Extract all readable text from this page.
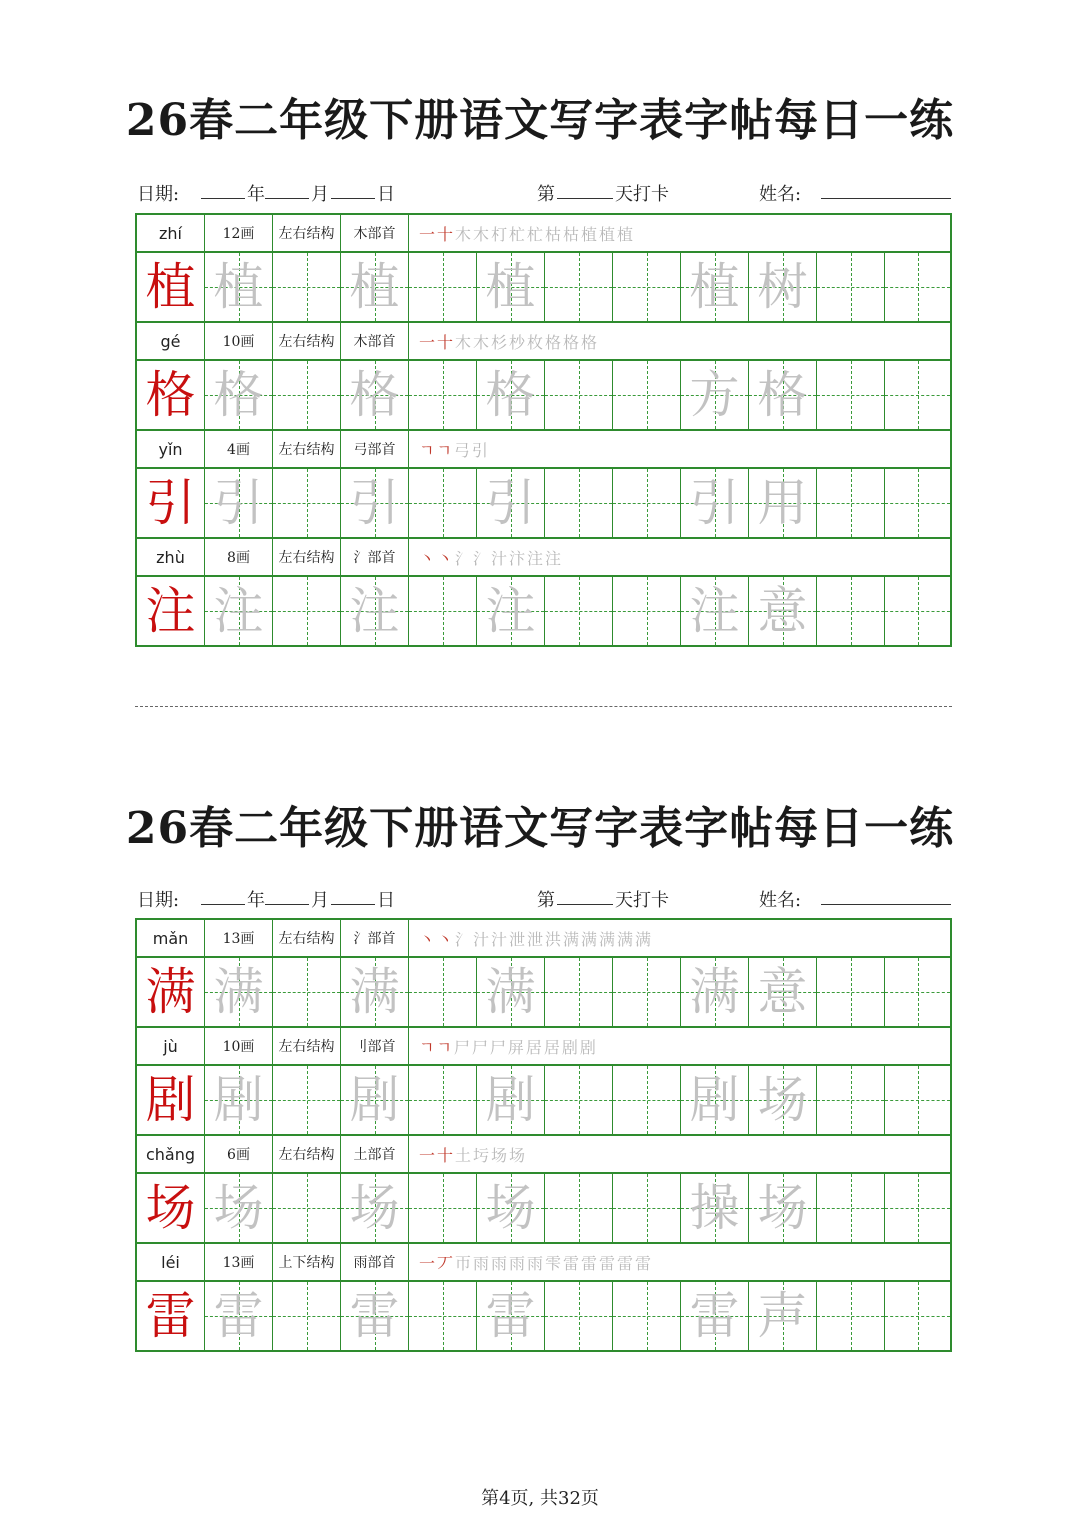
26春二年级下册语文写字表字帖每日一练
日期:	年	月	日	第	天打卡	姓名:
zhí	12画	左右结构	木部首	一十 木木朾杧杧枯枯植植植
植 植 植 植	植 树
gé	10画	左右结构	木部首	一十 木木杉杪枚格格格
格 格 格 格	方 格
yǐn	4画	左右结构	弓部首	ㄱㄱ 弓引
引 引 引 引	引 用
zhù	8画	左右结构	氵部首	丶丶 氵氵汁汴注注
注 注 注 注	注 意
26春二年级下册语文写字表字帖每日一练
日期:	年	月	日	第	天打卡	姓名:
mǎn	13画	左右结构	氵部首	丶丶 氵汁汁泄泄洪满满满满满
满 满 满 满	满 意
jù	10画	左右结构	刂部首	ㄱㄱ 尸尸尸屏居居剧剧
剧 剧 剧 剧	剧 场
chǎng	6画	左右结构	土部首	一十 土圬场场
场 场 场 场	操 场
léi	13画	上下结构	雨部首	一丆 帀雨雨雨雨雫雷雷雷雷雷
雷 雷 雷 雷	雷 声
第4页, 共32页
